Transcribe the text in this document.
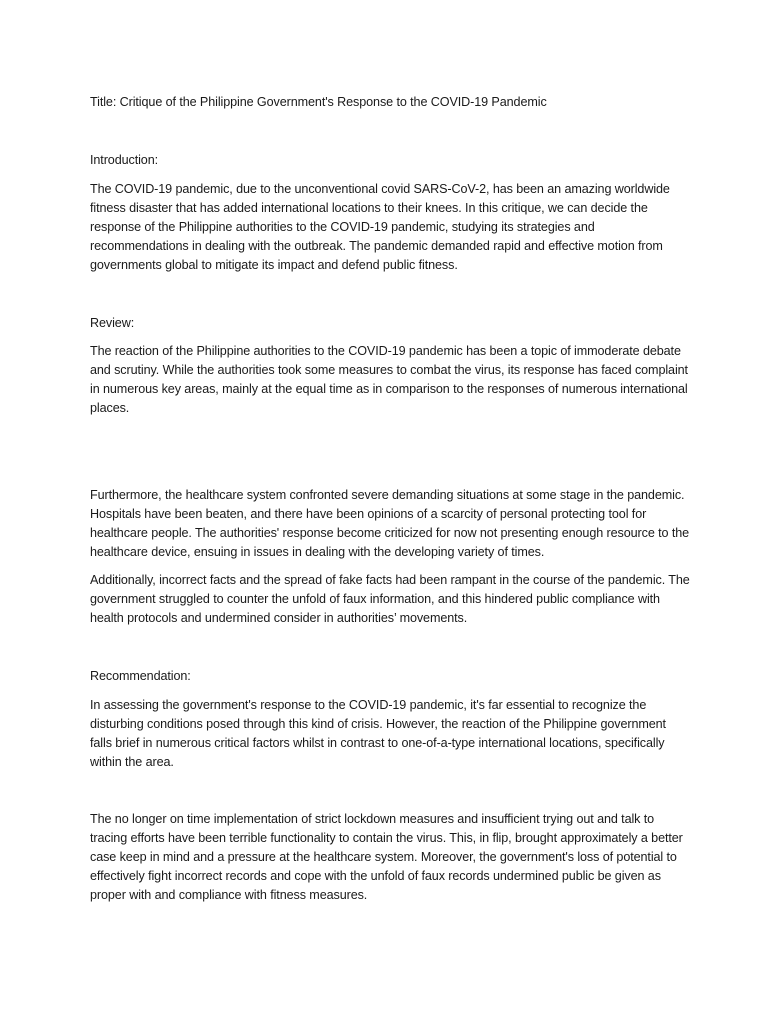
Title: Critique of the Philippine Government's Response to the COVID-19 Pandemic
Introduction:
The COVID-19 pandemic, due to the unconventional covid SARS-CoV-2, has been an amazing worldwide fitness disaster that has added international locations to their knees. In this critique, we can decide the response of the Philippine authorities to the COVID-19 pandemic, studying its strategies and recommendations in dealing with the outbreak. The pandemic demanded rapid and effective motion from governments global to mitigate its impact and defend public fitness.
Review:
The reaction of the Philippine authorities to the COVID-19 pandemic has been a topic of immoderate debate and scrutiny. While the authorities took some measures to combat the virus, its response has faced complaint in numerous key areas, mainly at the equal time as in comparison to the responses of numerous international places.
Furthermore, the healthcare system confronted severe demanding situations at some stage in the pandemic. Hospitals have been beaten, and there have been opinions of a scarcity of personal protecting tool for healthcare people. The authorities' response become criticized for now not presenting enough resource to the healthcare device, ensuing in issues in dealing with the developing variety of times.
Additionally, incorrect facts and the spread of fake facts had been rampant in the course of the pandemic. The government struggled to counter the unfold of faux information, and this hindered public compliance with health protocols and undermined consider in authorities’ movements.
Recommendation:
In assessing the government's response to the COVID-19 pandemic, it's far essential to recognize the disturbing conditions posed through this kind of crisis. However, the reaction of the Philippine government falls brief in numerous critical factors whilst in contrast to one-of-a-type international locations, specifically within the area.
The no longer on time implementation of strict lockdown measures and insufficient trying out and talk to tracing efforts have been terrible functionality to contain the virus. This, in flip, brought approximately a better case keep in mind and a pressure at the healthcare system. Moreover, the government's loss of potential to effectively fight incorrect records and cope with the unfold of faux records undermined public be given as proper with and compliance with fitness measures.
